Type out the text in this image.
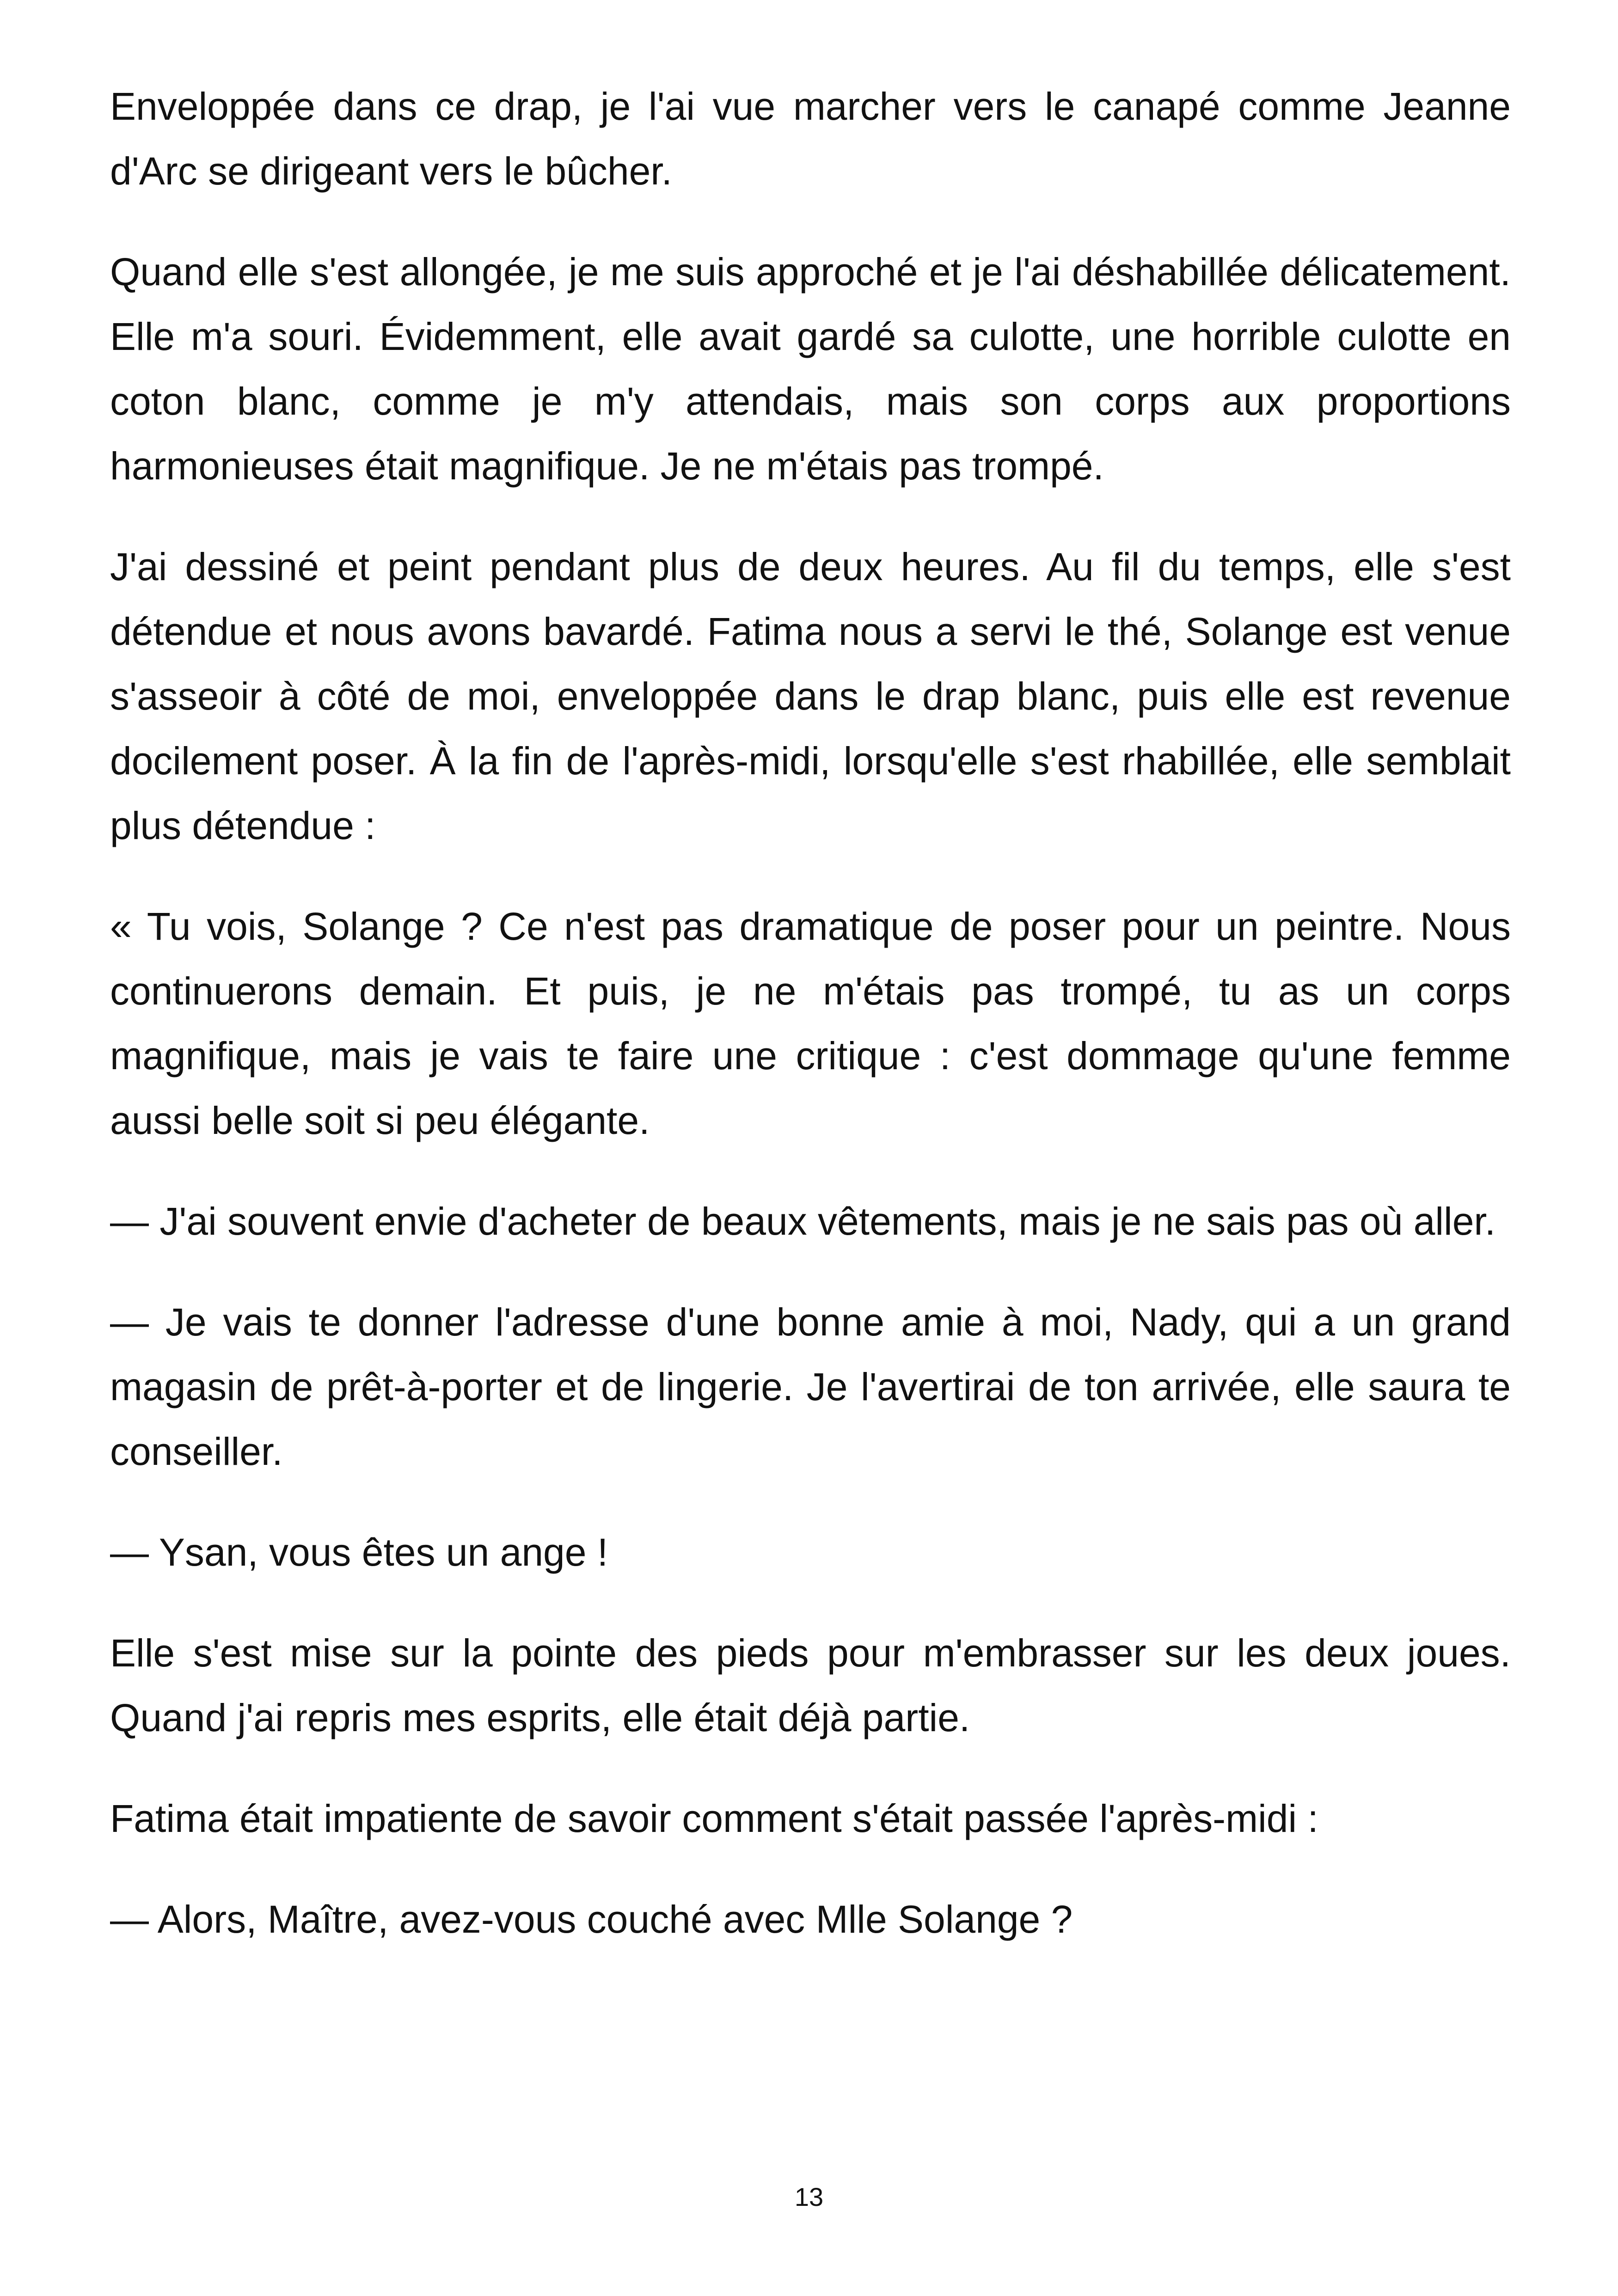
Enveloppée dans ce drap, je l'ai vue marcher vers le canapé comme Jeanne d'Arc se dirigeant vers le bûcher.

Quand elle s'est allongée, je me suis approché et je l'ai déshabillée délicatement. Elle m'a souri. Évidemment, elle avait gardé sa culotte, une horrible culotte en coton blanc, comme je m'y attendais, mais son corps aux proportions harmonieuses était magnifique. Je ne m'étais pas trompé.

J'ai dessiné et peint pendant plus de deux heures. Au fil du temps, elle s'est détendue et nous avons bavardé. Fatima nous a servi le thé, Solange est venue s'asseoir à côté de moi, enveloppée dans le drap blanc, puis elle est revenue docilement poser. À la fin de l'après-midi, lorsqu'elle s'est rhabillée, elle semblait plus détendue :

« Tu vois, Solange ? Ce n'est pas dramatique de poser pour un peintre. Nous continuerons demain. Et puis, je ne m'étais pas trompé, tu as un corps magnifique, mais je vais te faire une critique : c'est dommage qu'une femme aussi belle soit si peu élégante.

— J'ai souvent envie d'acheter de beaux vêtements, mais je ne sais pas où aller.

— Je vais te donner l'adresse d'une bonne amie à moi, Nady, qui a un grand magasin de prêt-à-porter et de lingerie. Je l'avertirai de ton arrivée, elle saura te conseiller.

— Ysan, vous êtes un ange !

Elle s'est mise sur la pointe des pieds pour m'embrasser sur les deux joues. Quand j'ai repris mes esprits, elle était déjà partie.

Fatima était impatiente de savoir comment s'était passée l'après-midi :

— Alors, Maître, avez-vous couché avec Mlle Solange ?

13
